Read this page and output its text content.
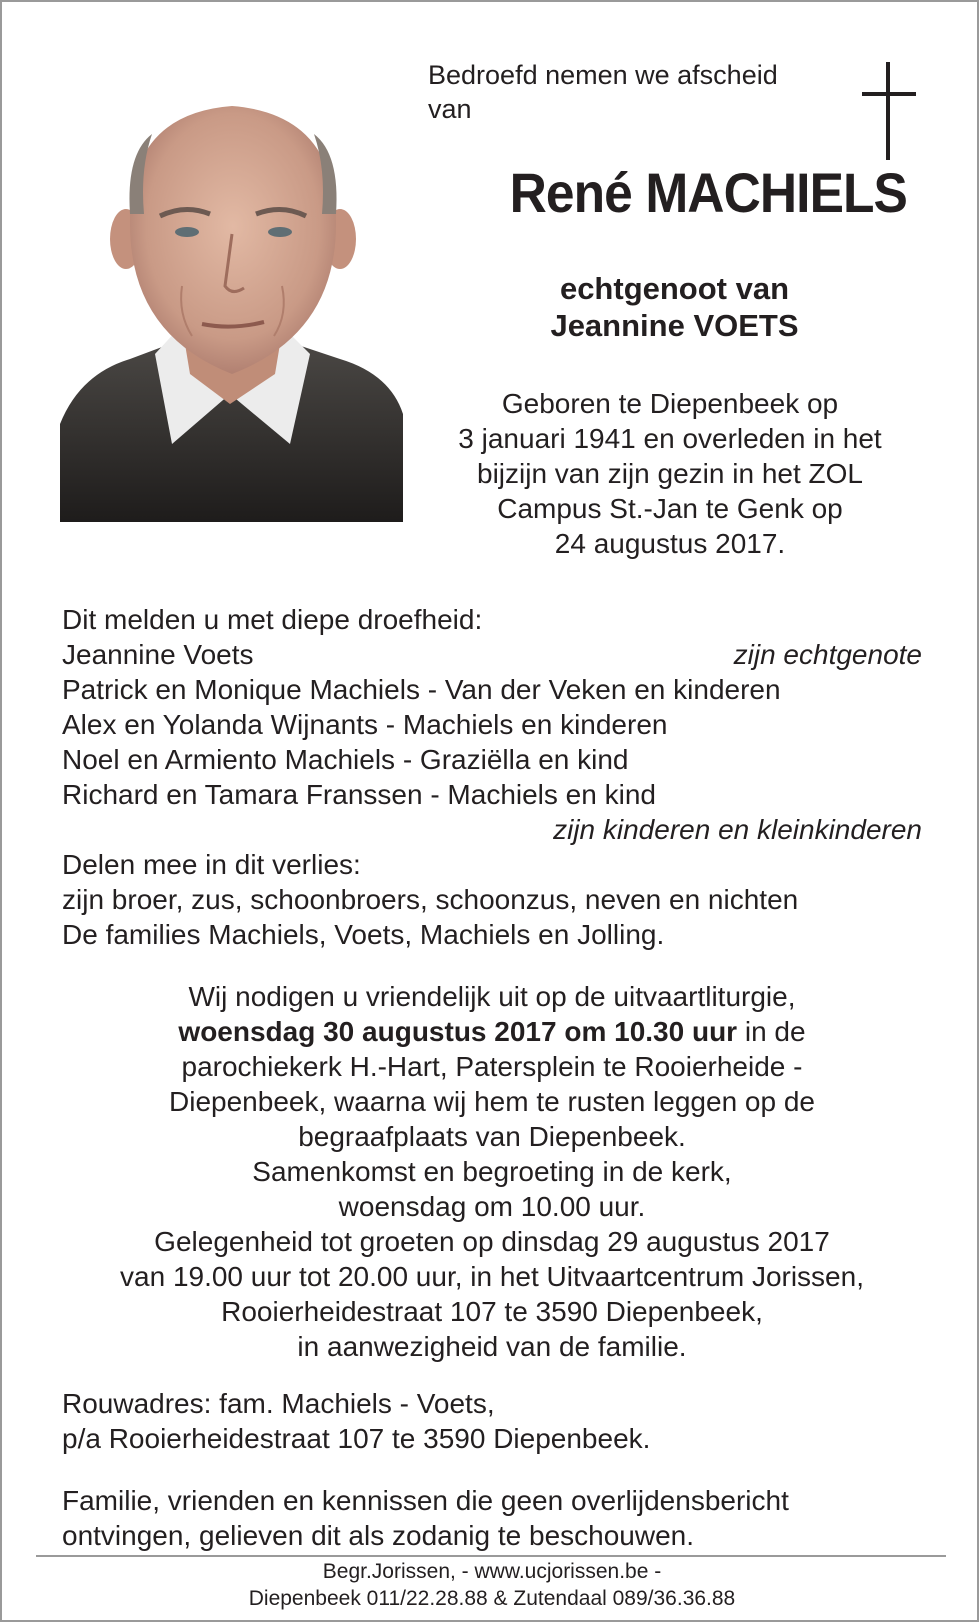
Bedroefd nemen we afscheid
van
René MACHIELS
echtgenoot van
Jeannine VOETS
Geboren te Diepenbeek op
3 januari 1941 en overleden in het
bijzijn van zijn gezin in het ZOL
Campus St.-Jan te Genk op
24 augustus 2017.
Dit melden u met diepe droefheid:
Jeannine Voets	zijn echtgenote
Patrick en Monique Machiels - Van der Veken en kinderen
Alex en Yolanda Wijnants - Machiels en kinderen
Noel en Armiento Machiels - Graziëlla en kind
Richard en Tamara Franssen - Machiels en kind
zijn kinderen en kleinkinderen
Delen mee in dit verlies:
zijn broer, zus, schoonbroers, schoonzus, neven en nichten
De families Machiels, Voets, Machiels en Jolling.
Wij nodigen u vriendelijk uit op de uitvaartliturgie,
woensdag 30 augustus 2017 om 10.30 uur in de
parochiekerk H.-Hart, Patersplein te Rooierheide -
Diepenbeek, waarna wij hem te rusten leggen op de
begraafplaats van Diepenbeek.
Samenkomst en begroeting in de kerk,
woensdag om 10.00 uur.
Gelegenheid tot groeten op dinsdag 29 augustus 2017
van 19.00 uur tot 20.00 uur, in het Uitvaartcentrum Jorissen,
Rooierheidestraat 107 te 3590 Diepenbeek,
in aanwezigheid van de familie.
Rouwadres: fam. Machiels - Voets,
p/a Rooierheidestraat 107 te 3590 Diepenbeek.
Familie, vrienden en kennissen die geen overlijdensbericht
ontvingen, gelieven dit als zodanig te beschouwen.
Begr.Jorissen, - www.ucjorissen.be -
Diepenbeek 011/22.28.88 & Zutendaal 089/36.36.88
